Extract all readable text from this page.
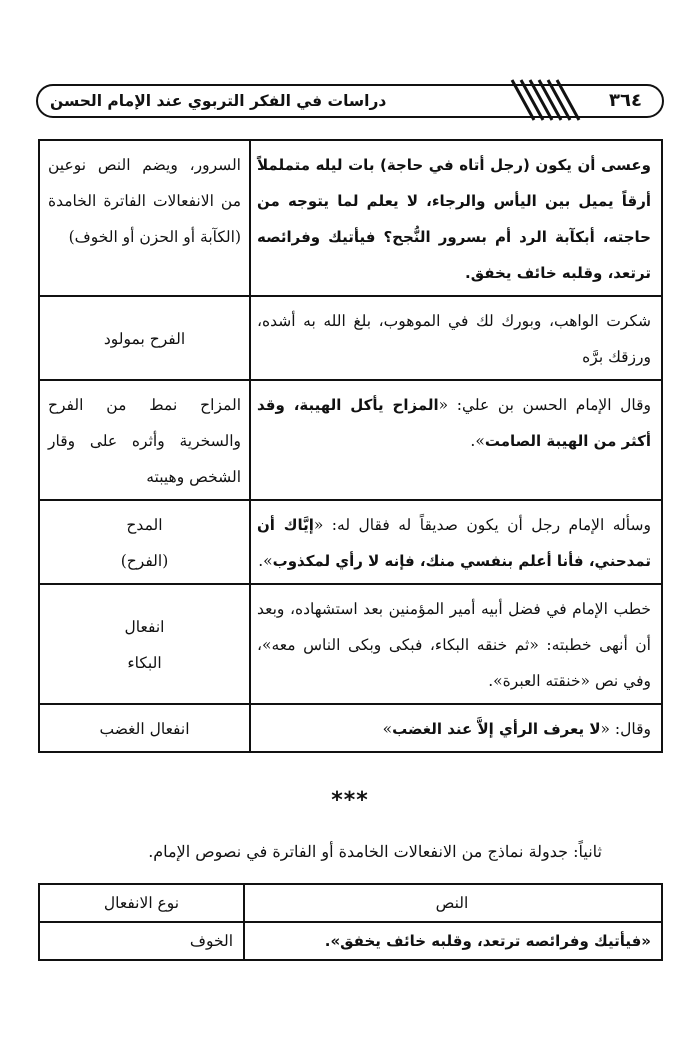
دراسات في الفكر التربوي عند الإمام الحسن	٣٦٤
وعسى أن يكون (رجل أتاه في حاجة) بات ليله متململاً أرقاً يميل بين اليأس والرجاء، لا يعلم لما يتوجه من حاجته، أبكآبة الرد أم بسرور النُّجح؟ فيأتيك وفرائصه ترتعد، وقلبه خائف يخفق.	السرور، ويضم النص نوعين من الانفعالات الفاترة الخامدة (الكآبة أو الحزن أو الخوف)
شكرت الواهب، وبورك لك في الموهوب، بلغ الله به أشده، ورزقك برَّه	الفرح بمولود
وقال الإمام الحسن بن علي: «المزاح يأكل الهيبة، وقد أكثر من الهيبة الصامت».	المزاح نمط من الفرح والسخرية وأثره على وقار الشخص وهيبته
وسأله الإمام رجل أن يكون صديقاً له فقال له: «إيَّاك أن تمدحني، فأنا أعلم بنفسي منك، فإنه لا رأي لمكذوب».	المدح
(الفرح)

خطب الإمام في فضل أبيه أمير المؤمنين بعد استشهاده، وبعد أن أنهى خطبته: «ثم خنقه البكاء، فبكى وبكى الناس معه»، وفي نص «خنقته العبرة».	انفعال
البكاء

وقال: «لا يعرف الرأي إلاَّ عند الغضب»	انفعال الغضب
***
ثانياً: جدولة نماذج من الانفعالات الخامدة أو الفاترة في نصوص الإمام.
النص	نوع الانفعال
«فيأتيك وفرائصه ترتعد، وقلبه خائف يخفق».	الخوف
